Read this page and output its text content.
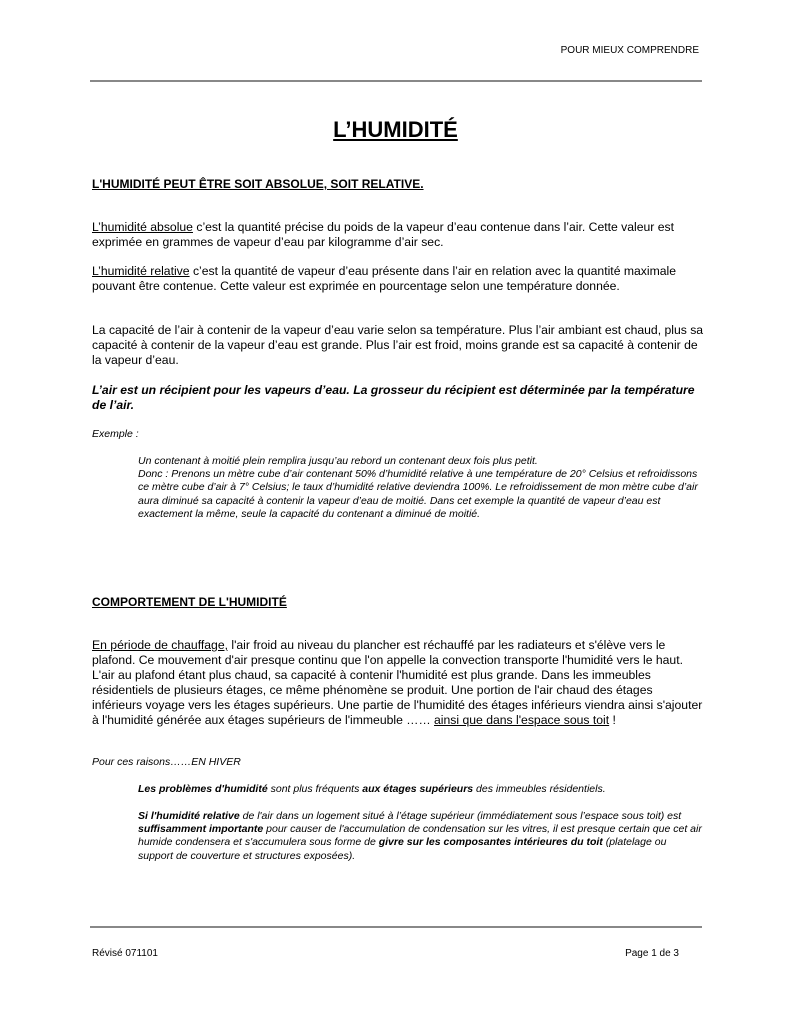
POUR MIEUX COMPRENDRE
L’HUMIDITÉ
L'HUMIDITÉ PEUT ÊTRE SOIT ABSOLUE, SOIT RELATIVE.

L’humidité absolue c’est la quantité précise du poids de la vapeur d’eau contenue dans l’air. Cette valeur est exprimée en grammes de vapeur d’eau par kilogramme d’air sec.

L’humidité relative c’est la quantité de vapeur d’eau présente dans l’air en relation avec la quantité maximale pouvant être contenue. Cette valeur est exprimée en pourcentage selon une température donnée.

La capacité de l’air à contenir de la vapeur d’eau varie selon sa température. Plus l’air ambiant est chaud, plus sa capacité à contenir de la vapeur d’eau est grande. Plus l’air est froid, moins grande est sa capacité à contenir de la vapeur d’eau.

L’air est un récipient pour les vapeurs d’eau. La grosseur du récipient est déterminée par la température de l’air.

Exemple :

Un contenant à moitié plein remplira jusqu’au rebord un contenant deux fois plus petit.
Donc : Prenons un mètre cube d’air contenant 50% d’humidité relative à une température de 20° Celsius et refroidissons ce mètre cube d’air à 7° Celsius; le taux d’humidité relative deviendra 100%. Le refroidissement de mon mètre cube d’air aura diminué sa capacité à contenir la vapeur d’eau de moitié. Dans cet exemple la quantité de vapeur d’eau est exactement la même, seule la capacité du contenant a diminué de moitié.

COMPORTEMENT DE L'HUMIDITÉ

En période de chauffage, l'air froid au niveau du plancher est réchauffé par les radiateurs et s'élève vers le plafond. Ce mouvement d'air presque continu que l'on appelle la convection transporte l'humidité vers le haut. L'air au plafond étant plus chaud, sa capacité à contenir l'humidité est plus grande. Dans les immeubles résidentiels de plusieurs étages, ce même phénomène se produit. Une portion de l'air chaud des étages inférieurs voyage vers les étages supérieurs. Une partie de l'humidité des étages inférieurs viendra ainsi s'ajouter à l'humidité générée aux étages supérieurs de l'immeuble …… ainsi que dans l'espace sous toit !

Pour ces raisons……EN HIVER

Les problèmes d'humidité sont plus fréquents aux étages supérieurs des immeubles résidentiels.

Si l'humidité relative de l'air dans un logement situé à l’étage supérieur (immédiatement sous l’espace sous toit) est suffisamment importante pour causer de l'accumulation de condensation sur les vitres, il est presque certain que cet air humide condensera et s'accumulera sous forme de givre sur les composantes intérieures du toit (platelage ou support de couverture et structures exposées).

Révisé 071101	Page 1 de 3
